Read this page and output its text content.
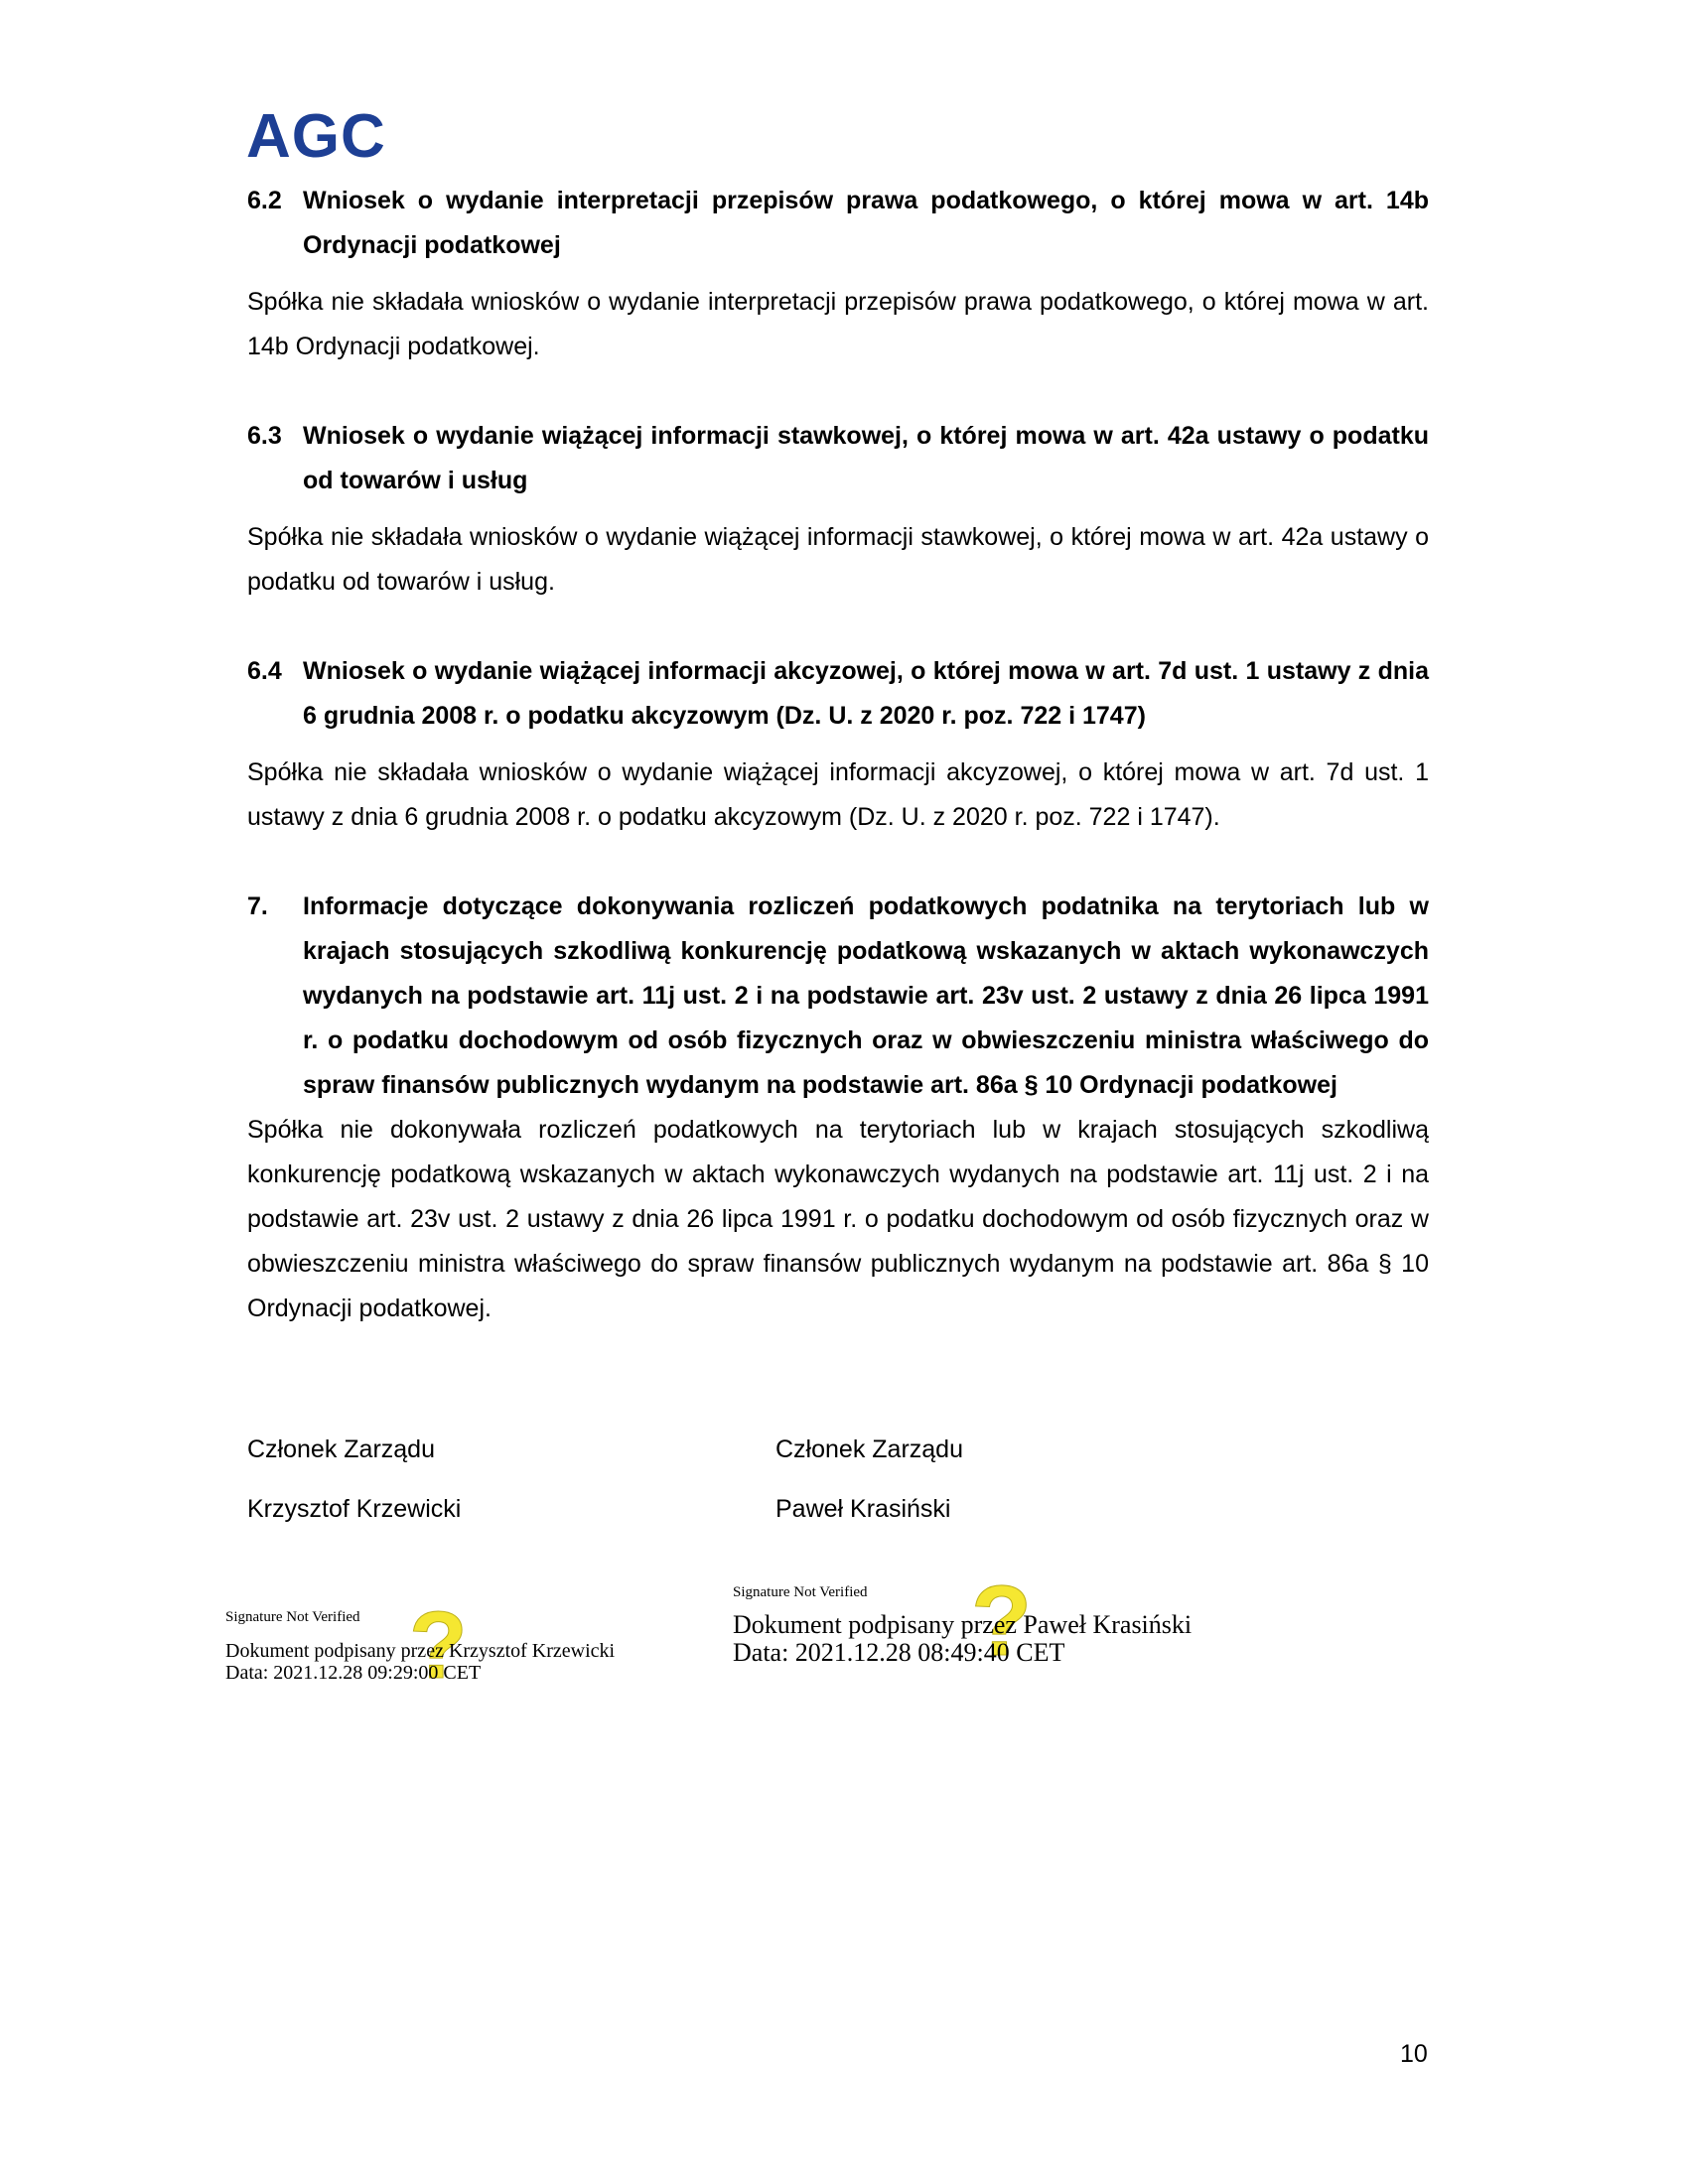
AGC
6.2 Wniosek o wydanie interpretacji przepisów prawa podatkowego, o której mowa w art. 14b Ordynacji podatkowej

Spółka nie składała wniosków o wydanie interpretacji przepisów prawa podatkowego, o której mowa w art. 14b Ordynacji podatkowej.

6.3 Wniosek o wydanie wiążącej informacji stawkowej, o której mowa w art. 42a ustawy o podatku od towarów i usług

Spółka nie składała wniosków o wydanie wiążącej informacji stawkowej, o której mowa w art. 42a ustawy o podatku od towarów i usług.

6.4 Wniosek o wydanie wiążącej informacji akcyzowej, o której mowa w art. 7d ust. 1 ustawy z dnia 6 grudnia 2008 r. o podatku akcyzowym (Dz. U. z 2020 r. poz. 722 i 1747)

Spółka nie składała wniosków o wydanie wiążącej informacji akcyzowej, o której mowa w art. 7d ust. 1 ustawy z dnia 6 grudnia 2008 r. o podatku akcyzowym (Dz. U. z 2020 r. poz. 722 i 1747).

7.	Informacje dotyczące dokonywania rozliczeń podatkowych podatnika na terytoriach lub w krajach stosujących szkodliwą konkurencję podatkową wskazanych w aktach wykonawczych wydanych na podstawie art. 11j ust. 2 i na podstawie art. 23v ust. 2 ustawy z dnia 26 lipca 1991 r. o podatku dochodowym od osób fizycznych oraz w obwieszczeniu ministra właściwego do spraw finansów publicznych wydanym na podstawie art. 86a § 10 Ordynacji podatkowej

Spółka nie dokonywała rozliczeń podatkowych na terytoriach lub w krajach stosujących szkodliwą konkurencję podatkową wskazanych w aktach wykonawczych wydanych na podstawie art. 11j ust. 2 i na podstawie art. 23v ust. 2 ustawy z dnia 26 lipca 1991 r. o podatku dochodowym od osób fizycznych oraz w obwieszczeniu ministra właściwego do spraw finansów publicznych wydanym na podstawie art. 86a § 10 Ordynacji podatkowej.

Członek Zarządu
Krzysztof Krzewicki
Członek Zarządu
Paweł Krasiński
?
Signature Not Verified
Dokument podpisany przez Krzysztof Krzewicki
Data: 2021.12.28 09:29:00 CET	?
Signature Not Verified
Dokument podpisany przez Paweł Krasiński
Data: 2021.12.28 08:49:40 CET
10
